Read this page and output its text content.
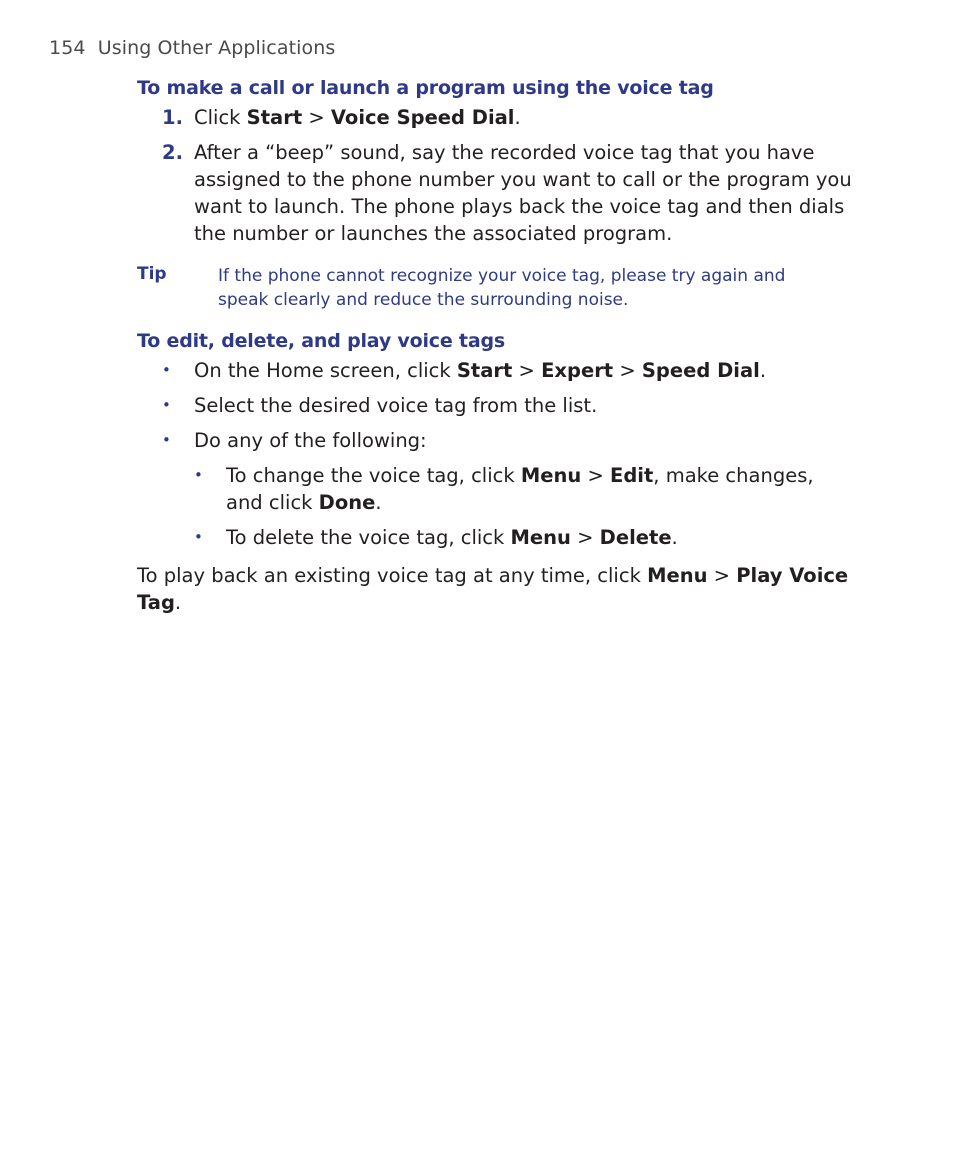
154 Using Other Applications
To make a call or launch a program using the voice tag
1. Click Start > Voice Speed Dial.
2. After a “beep” sound, say the recorded voice tag that you have assigned to the phone number you want to call or the program you want to launch. The phone plays back the voice tag and then dials the number or launches the associated program.
Tip	If the phone cannot recognize your voice tag, please try again and speak clearly and reduce the surrounding noise.
To edit, delete, and play voice tags
• On the Home screen, click Start > Expert > Speed Dial.
• Select the desired voice tag from the list.
• Do any of the following:
• To change the voice tag, click Menu > Edit, make changes, and click Done.
• To delete the voice tag, click Menu > Delete.
To play back an existing voice tag at any time, click Menu > Play Voice Tag.
